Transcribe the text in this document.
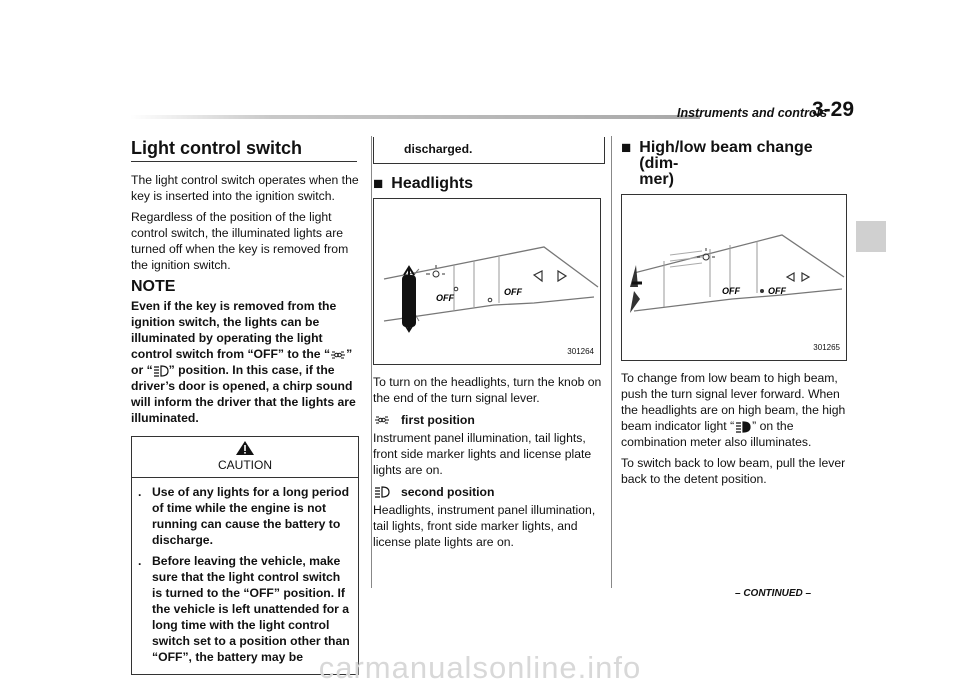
Instruments and controls
3-29
Light control switch

The light control switch operates when the key is inserted into the ignition switch.

Regardless of the position of the light control switch, the illuminated lights are turned off when the key is removed from the ignition switch.

NOTE

Even if the key is removed from the ignition switch, the lights can be illuminated by operating the light control switch from “OFF” to the “ ” or “ ” position. In this case, if the driver’s door is opened, a chirp sound will inform the driver that the lights are illuminated.

CAUTION
. Use of any lights for a long period of time while the engine is not running can cause the battery to discharge.
. Before leaving the vehicle, make sure that the light control switch is turned to the “OFF” position. If the vehicle is left unattended for a long time with the light control switch set to a position other than “OFF”, the battery may be
discharged.
■ Headlights
OFF
OFF
301264

To turn on the headlights, turn the knob on the end of the turn signal lever.

first position

Instrument panel illumination, tail lights, front side marker lights and license plate lights are on.

second position

Headlights, instrument panel illumination, tail lights, front side marker lights, and license plate lights are on.

■ High/low beam change (dim-
mer)
OFF	OFF
301265

To change from low beam to high beam, push the turn signal lever forward. When the headlights are on high beam, the high beam indicator light “ ” on the combination meter also illuminates.

To switch back to low beam, pull the lever back to the detent position.

– CONTINUED –
carmanualsonline.info
